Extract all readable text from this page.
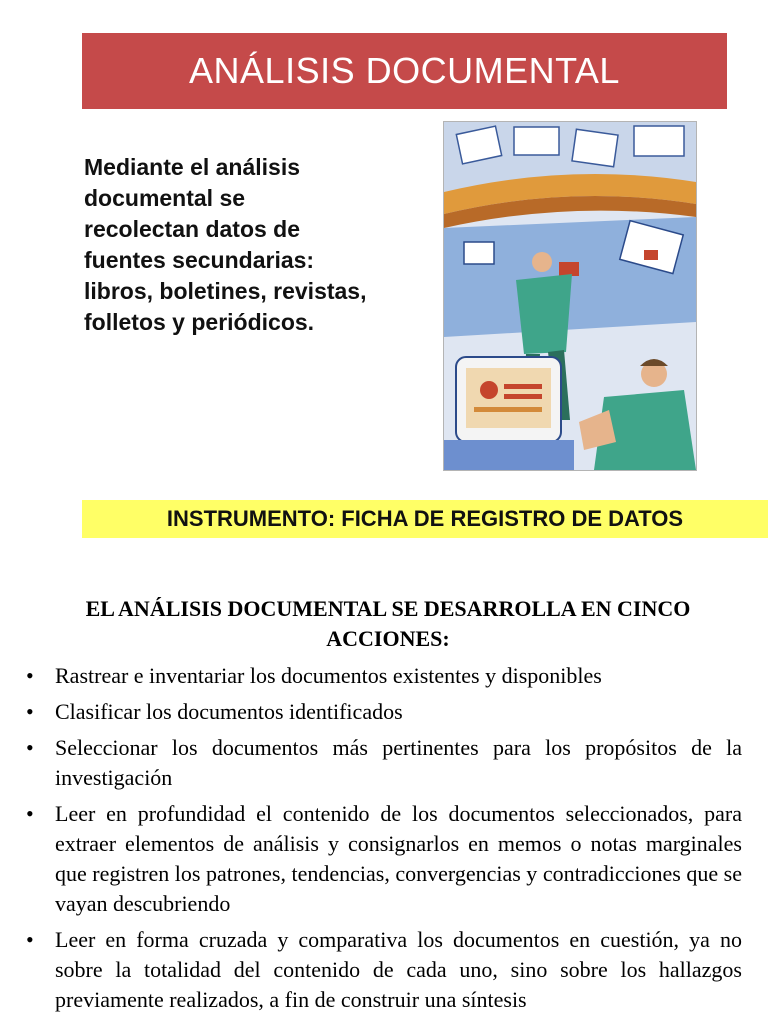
ANÁLISIS DOCUMENTAL
Mediante el análisis
documental se
recolectan datos de
fuentes secundarias:
libros, boletines, revistas,
folletos y periódicos.
INSTRUMENTO: FICHA DE REGISTRO DE DATOS
EL ANÁLISIS DOCUMENTAL SE DESARROLLA EN CINCO
ACCIONES:
• Rastrear e inventariar los documentos existentes y disponibles
• Clasificar los documentos identificados
• Seleccionar los documentos más pertinentes para los propósitos de la investigación
• Leer en profundidad el contenido de los documentos seleccionados, para extraer elementos de análisis y consignarlos en memos o notas marginales que registren los patrones, tendencias, convergencias y contradicciones que se vayan descubriendo
• Leer en forma cruzada y comparativa los documentos en cuestión, ya no sobre la totalidad del contenido de cada uno, sino sobre los hallazgos previamente realizados, a fin de construir una síntesis
